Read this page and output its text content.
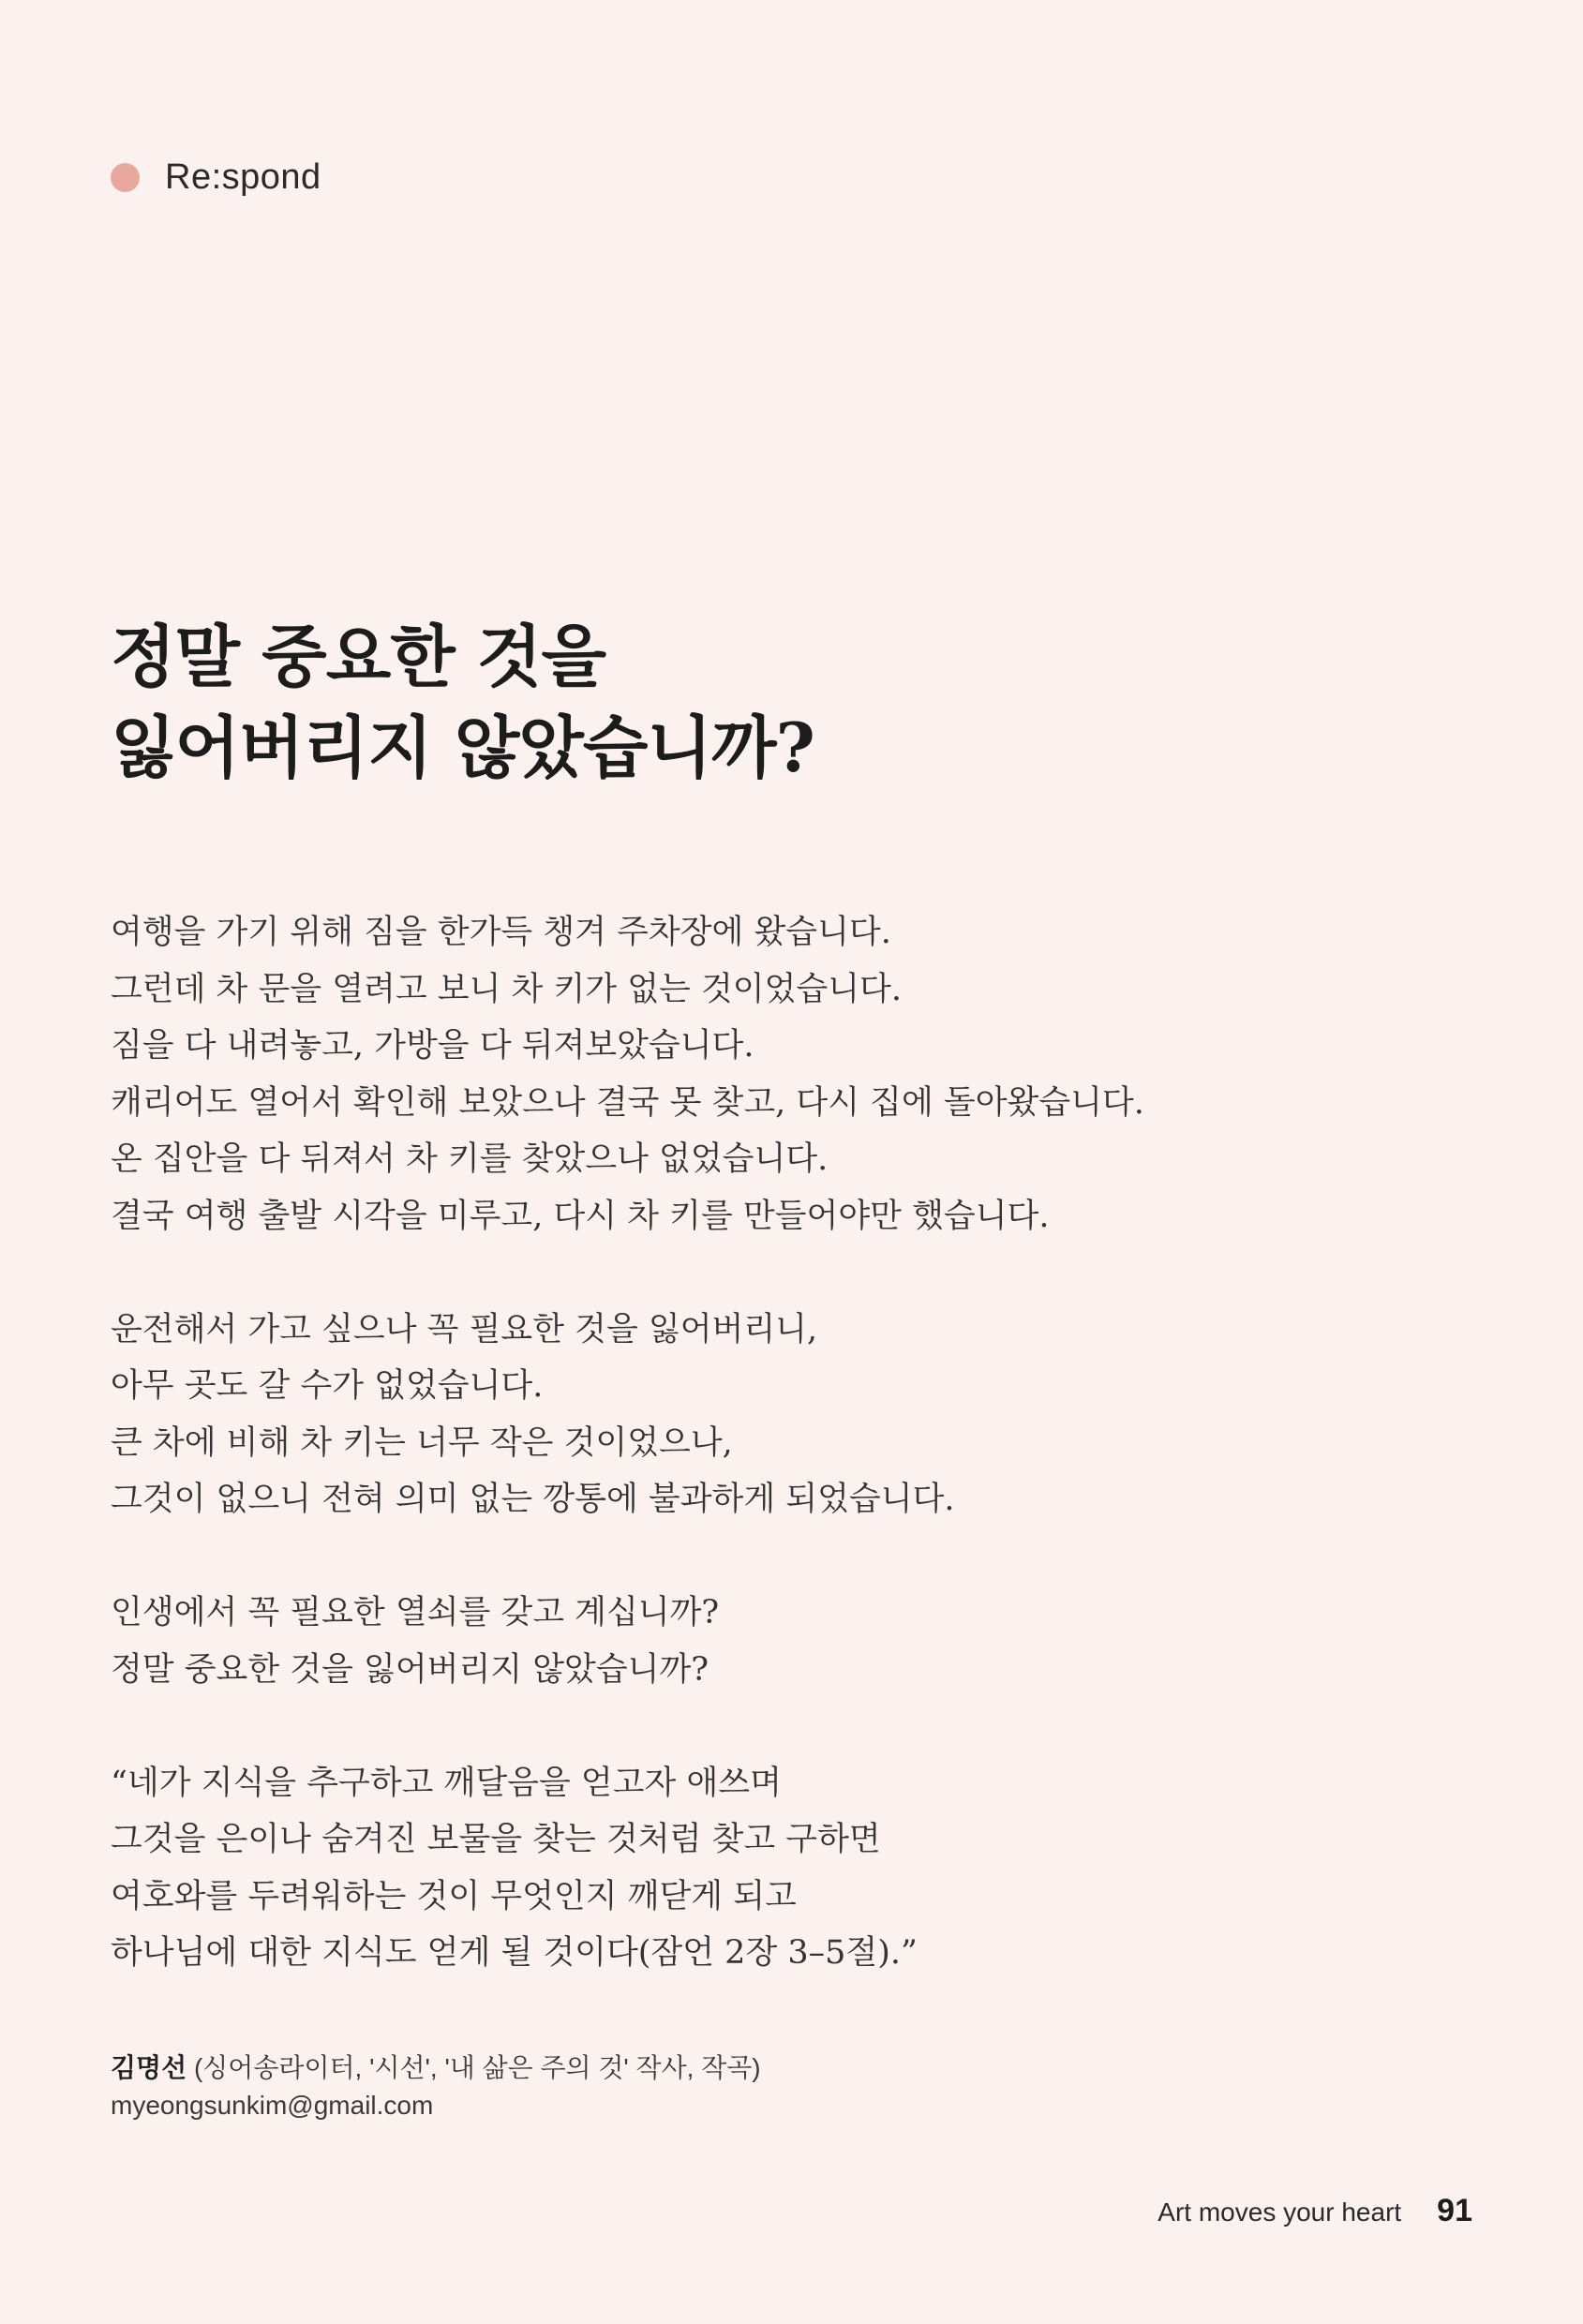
Re:spond
정말 중요한 것을
잃어버리지 않았습니까?

여행을 가기 위해 짐을 한가득 챙겨 주차장에 왔습니다.
그런데 차 문을 열려고 보니 차 키가 없는 것이었습니다.
짐을 다 내려놓고, 가방을 다 뒤져보았습니다.
캐리어도 열어서 확인해 보았으나 결국 못 찾고, 다시 집에 돌아왔습니다.
온 집안을 다 뒤져서 차 키를 찾았으나 없었습니다.
결국 여행 출발 시각을 미루고, 다시 차 키를 만들어야만 했습니다.

운전해서 가고 싶으나 꼭 필요한 것을 잃어버리니,
아무 곳도 갈 수가 없었습니다.
큰 차에 비해 차 키는 너무 작은 것이었으나,
그것이 없으니 전혀 의미 없는 깡통에 불과하게 되었습니다.

인생에서 꼭 필요한 열쇠를 갖고 계십니까?
정말 중요한 것을 잃어버리지 않았습니까?

“네가 지식을 추구하고 깨달음을 얻고자 애쓰며
그것을 은이나 숨겨진 보물을 찾는 것처럼 찾고 구하면
여호와를 두려워하는 것이 무엇인지 깨닫게 되고
하나님에 대한 지식도 얻게 될 것이다(잠언 2장 3–5절).”

김명선 (싱어송라이터, '시선', '내 삶은 주의 것' 작사, 작곡)
myeongsunkim@gmail.com
Art moves your heart 91
